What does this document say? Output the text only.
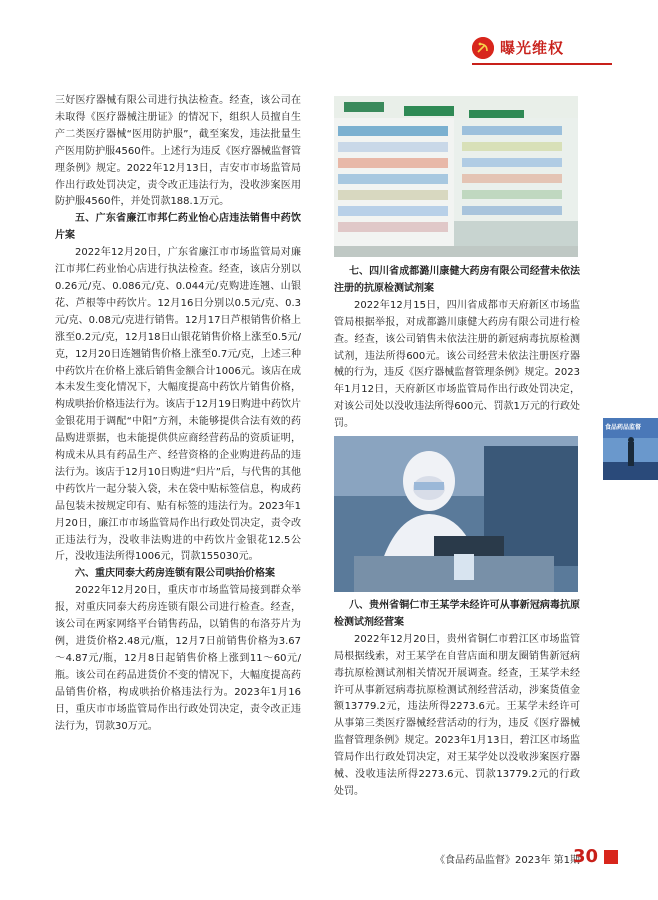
曝光维权

三好医疗器械有限公司进行执法检查。经查，该公司在未取得《医疗器械注册证》的情况下，组织人员擅自生产二类医疗器械“医用防护服”，截至案发，违法批量生产医用防护服4560件。上述行为违反《医疗器械监督管理条例》规定。2022年12月13日，吉安市市场监管局作出行政处罚决定，责令改正违法行为，没收涉案医用防护服4560件，并处罚款188.1万元。

五、广东省廉江市邦仁药业怡心店违法销售中药饮片案

2022年12月20日，广东省廉江市市场监管局对廉江市邦仁药业怡心店进行执法检查。经查，该店分别以0.26元/克、0.086元/克、0.044元/克购进连翘、山银花、芦根等中药饮片。12月16日分别以0.5元/克、0.3元/克、0.08元/克进行销售。12月17日芦根销售价格上涨至0.2元/克，12月18日山银花销售价格上涨至0.5元/克，12月20日连翘销售价格上涨至0.7元/克，上述三种中药饮片在价格上涨后销售金额合计1006元。该店在成本未发生变化情况下，大幅度提高中药饮片销售价格，构成哄抬价格违法行为。该店于12月19日购进中药饮片金银花用于调配“中阳”方剂，未能够提供合法有效的药品购进票据，也未能提供供应商经营药品的资质证明，构成未从具有药品生产、经营资格的企业购进药品的违法行为。该店于12月10日购进“归片”后，与代售的其他中药饮片一起分装入袋，未在袋中贴标签信息，构成药品包装未按规定印有、贴有标签的违法行为。2023年1月20日，廉江市市场监管局作出行政处罚决定，责令改正违法行为，没收非法购进的中药饮片金银花12.5公斤，没收违法所得1006元，罚款155030元。

六、重庆同泰大药房连锁有限公司哄抬价格案

2022年12月20日，重庆市市场监管局接到群众举报，对重庆同泰大药房连锁有限公司进行检查。经查，该公司在两家网络平台销售药品，以销售的布洛芬片为例，进货价格2.48元/瓶，12月7日前销售价格为3.67～4.87元/瓶，12月8日起销售价格上涨到11～60元/瓶。该公司在药品进货价不变的情况下，大幅度提高药品销售价格，构成哄抬价格违法行为。2023年1月16日，重庆市市场监管局作出行政处罚决定，责令改正违法行为，罚款30万元。

七、四川省成都潞川康健大药房有限公司经营未依法注册的抗原检测试剂案

2022年12月15日，四川省成都市天府新区市场监管局根据举报，对成都潞川康健大药房有限公司进行检查。经查，该公司销售未依法注册的新冠病毒抗原检测试剂，违法所得600元。该公司经营未依法注册医疗器械的行为，违反《医疗器械监督管理条例》规定。2023年1月12日，天府新区市场监管局作出行政处罚决定，对该公司处以没收违法所得600元、罚款1万元的行政处罚。

八、贵州省铜仁市王某学未经许可从事新冠病毒抗原检测试剂经营案

2022年12月20日，贵州省铜仁市碧江区市场监管局根据线索，对王某学在自营店面和朋友圈销售新冠病毒抗原检测试剂相关情况开展调查。经查，王某学未经许可从事新冠病毒抗原检测试剂经营活动，涉案货值金额13779.2元，违法所得2273.6元。王某学未经许可从事第三类医疗器械经营活动的行为，违反《医疗器械监督管理条例》规定。2023年1月13日，碧江区市场监管局作出行政处罚决定，对王某学处以没收涉案医疗器械、没收违法所得2273.6元、罚款13779.2元的行政处罚。

食品药品监督
《食品药品监督》2023年 第1期
30
